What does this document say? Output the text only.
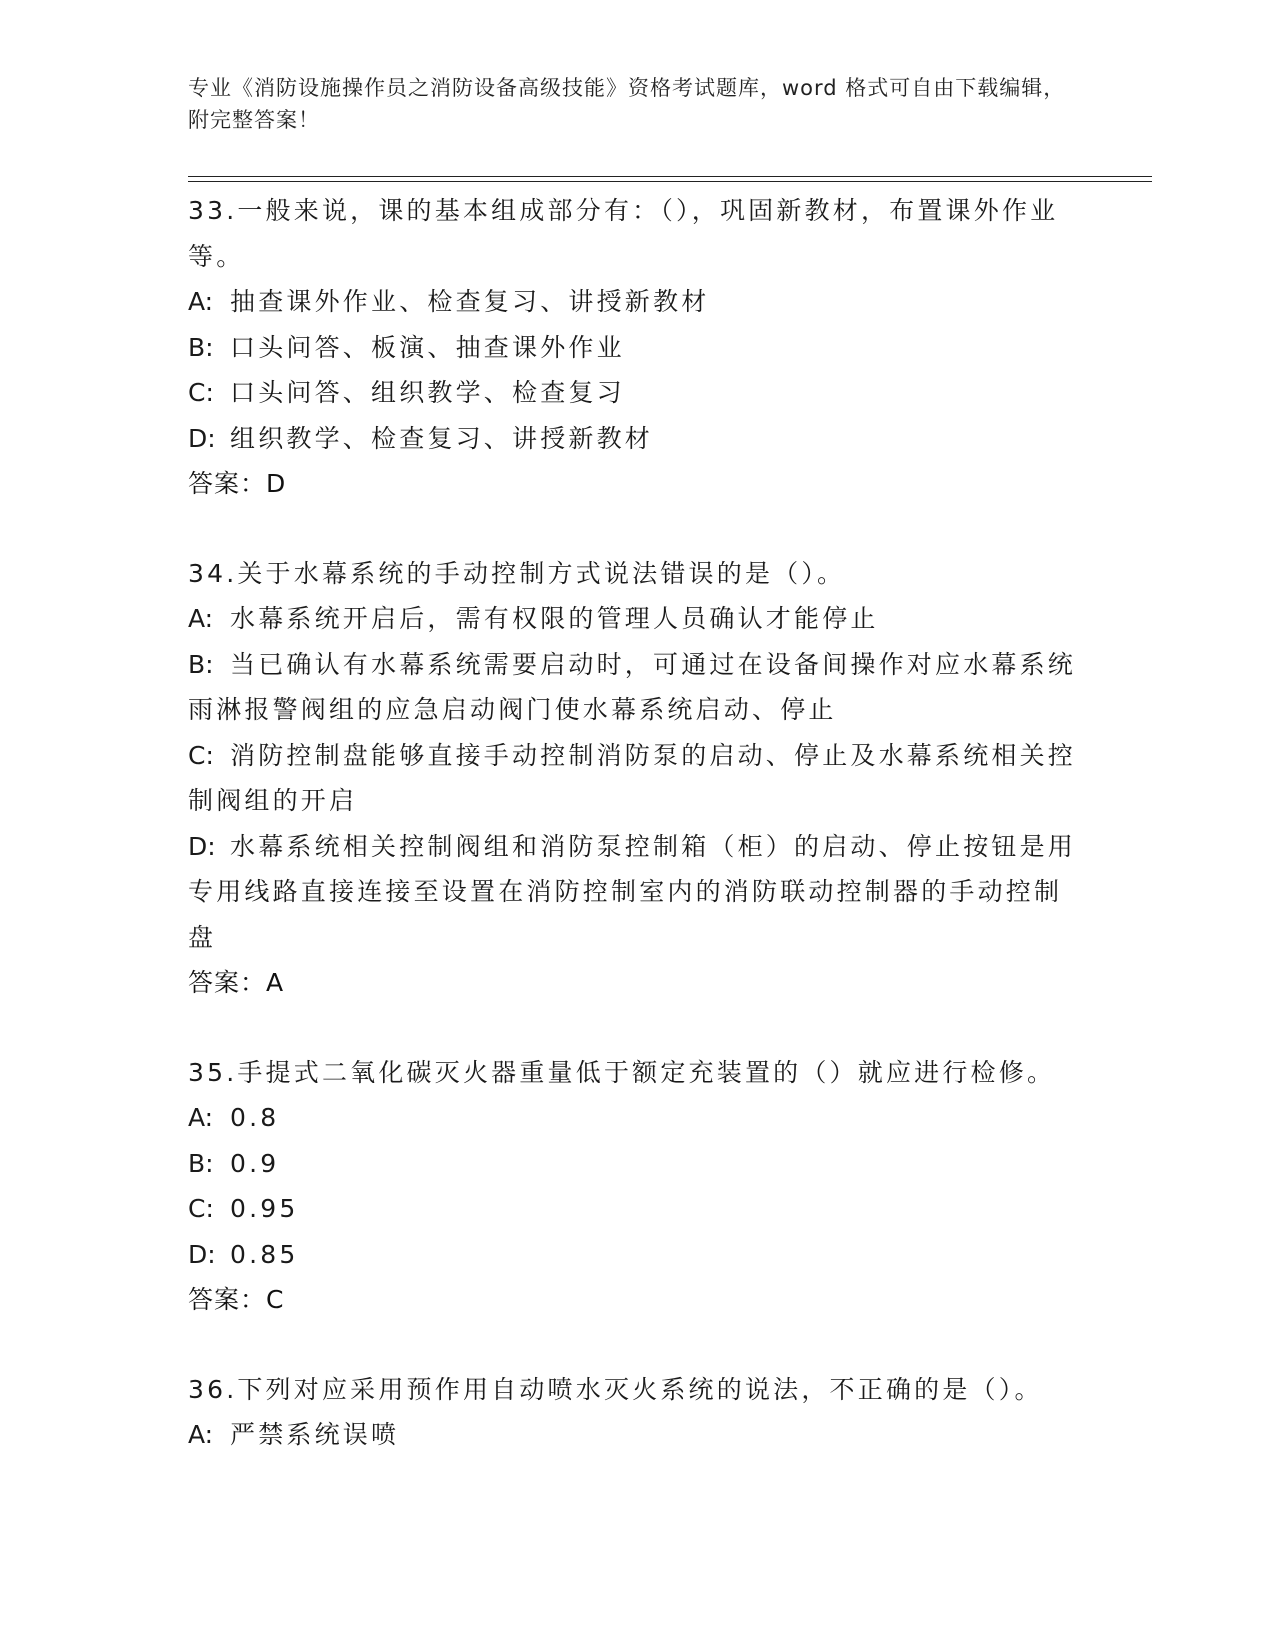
专业《消防设施操作员之消防设备高级技能》资格考试题库，word 格式可自由下载编辑，附完整答案！

33.一般来说，课的基本组成部分有：（），巩固新教材，布置课外作业等。

A: 抽查课外作业、检查复习、讲授新教材

B: 口头问答、板演、抽查课外作业

C: 口头问答、组织教学、检查复习

D: 组织教学、检查复习、讲授新教材

答案：D

34.关于水幕系统的手动控制方式说法错误的是（）。

A: 水幕系统开启后，需有权限的管理人员确认才能停止

B: 当已确认有水幕系统需要启动时，可通过在设备间操作对应水幕系统雨淋报警阀组的应急启动阀门使水幕系统启动、停止

C: 消防控制盘能够直接手动控制消防泵的启动、停止及水幕系统相关控制阀组的开启

D: 水幕系统相关控制阀组和消防泵控制箱（柜）的启动、停止按钮是用专用线路直接连接至设置在消防控制室内的消防联动控制器的手动控制盘

答案：A

35.手提式二氧化碳灭火器重量低于额定充装置的（）就应进行检修。

A: 0.8

B: 0.9

C: 0.95

D: 0.85

答案：C

36.下列对应采用预作用自动喷水灭火系统的说法，不正确的是（）。

A: 严禁系统误喷
